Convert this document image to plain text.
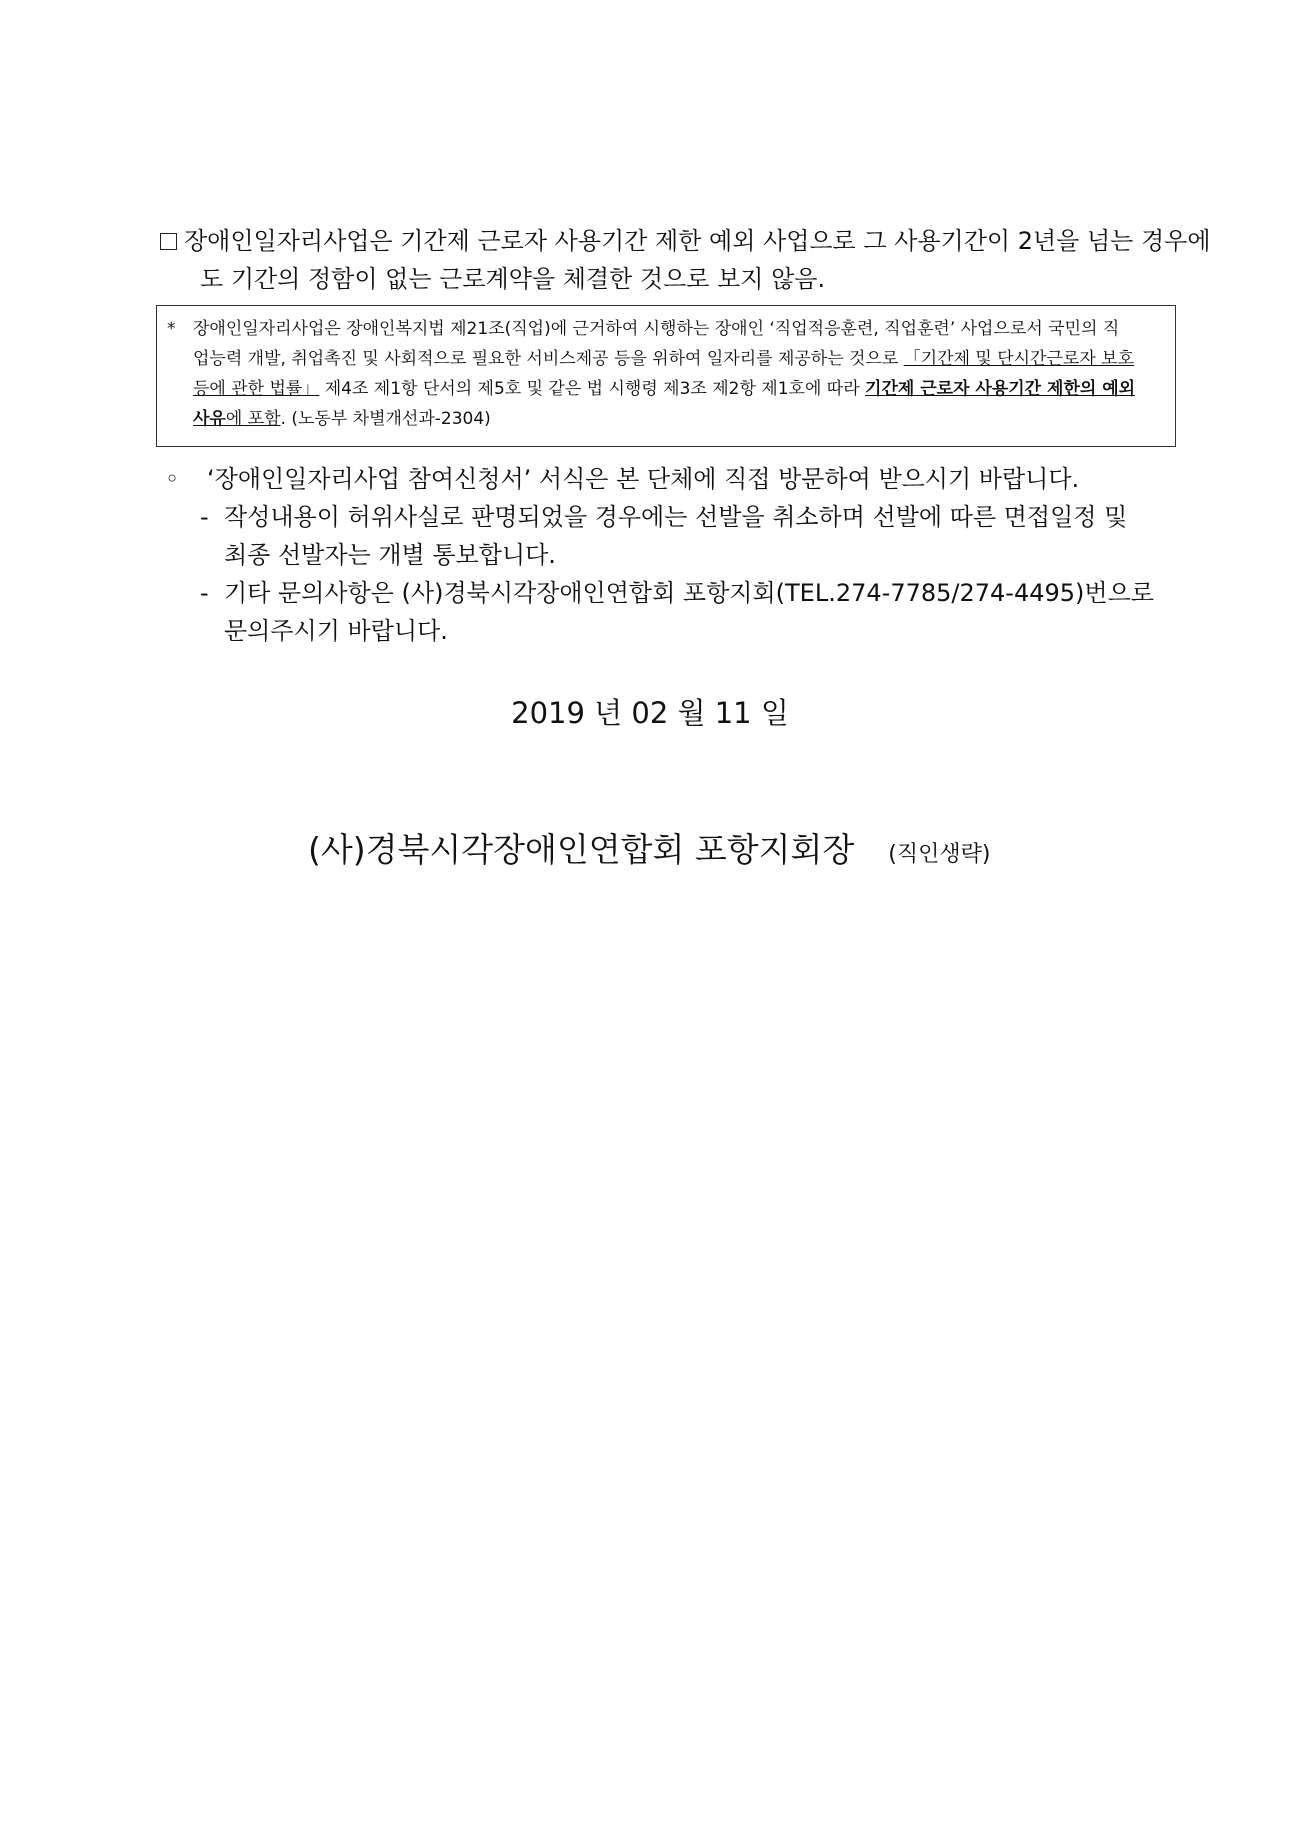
장애인일자리사업은 기간제 근로자 사용기간 제한 예외 사업으로 그 사용기간이 2년을 넘는 경우에
도 기간의 정함이 없는 근로계약을 체결한 것으로 보지 않음.
* 장애인일자리사업은 장애인복지법 제21조(직업)에 근거하여 시행하는 장애인 ‘직업적응훈련, 직업훈련’ 사업으로서 국민의 직
업능력 개발, 취업촉진 및 사회적으로 필요한 서비스제공 등을 위하여 일자리를 제공하는 것으로 「기간제 및 단시간근로자 보호
등에 관한 법률」 제4조 제1항 단서의 제5호 및 같은 법 시행령 제3조 제2항 제1호에 따라 기간제 근로자 사용기간 제한의 예외
사유에 포함. (노동부 차별개선과-2304)
◦ ‘장애인일자리사업 참여신청서’ 서식은 본 단체에 직접 방문하여 받으시기 바랍니다.
- 작성내용이 허위사실로 판명되었을 경우에는 선발을 취소하며 선발에 따른 면접일정 및
최종 선발자는 개별 통보합니다.
- 기타 문의사항은 (사)경북시각장애인연합회 포항지회(TEL.274-7785/274-4495)번으로
문의주시기 바랍니다.
2019 년 02 월 11 일
(사)경북시각장애인연합회 포항지회장 (직인생략)
